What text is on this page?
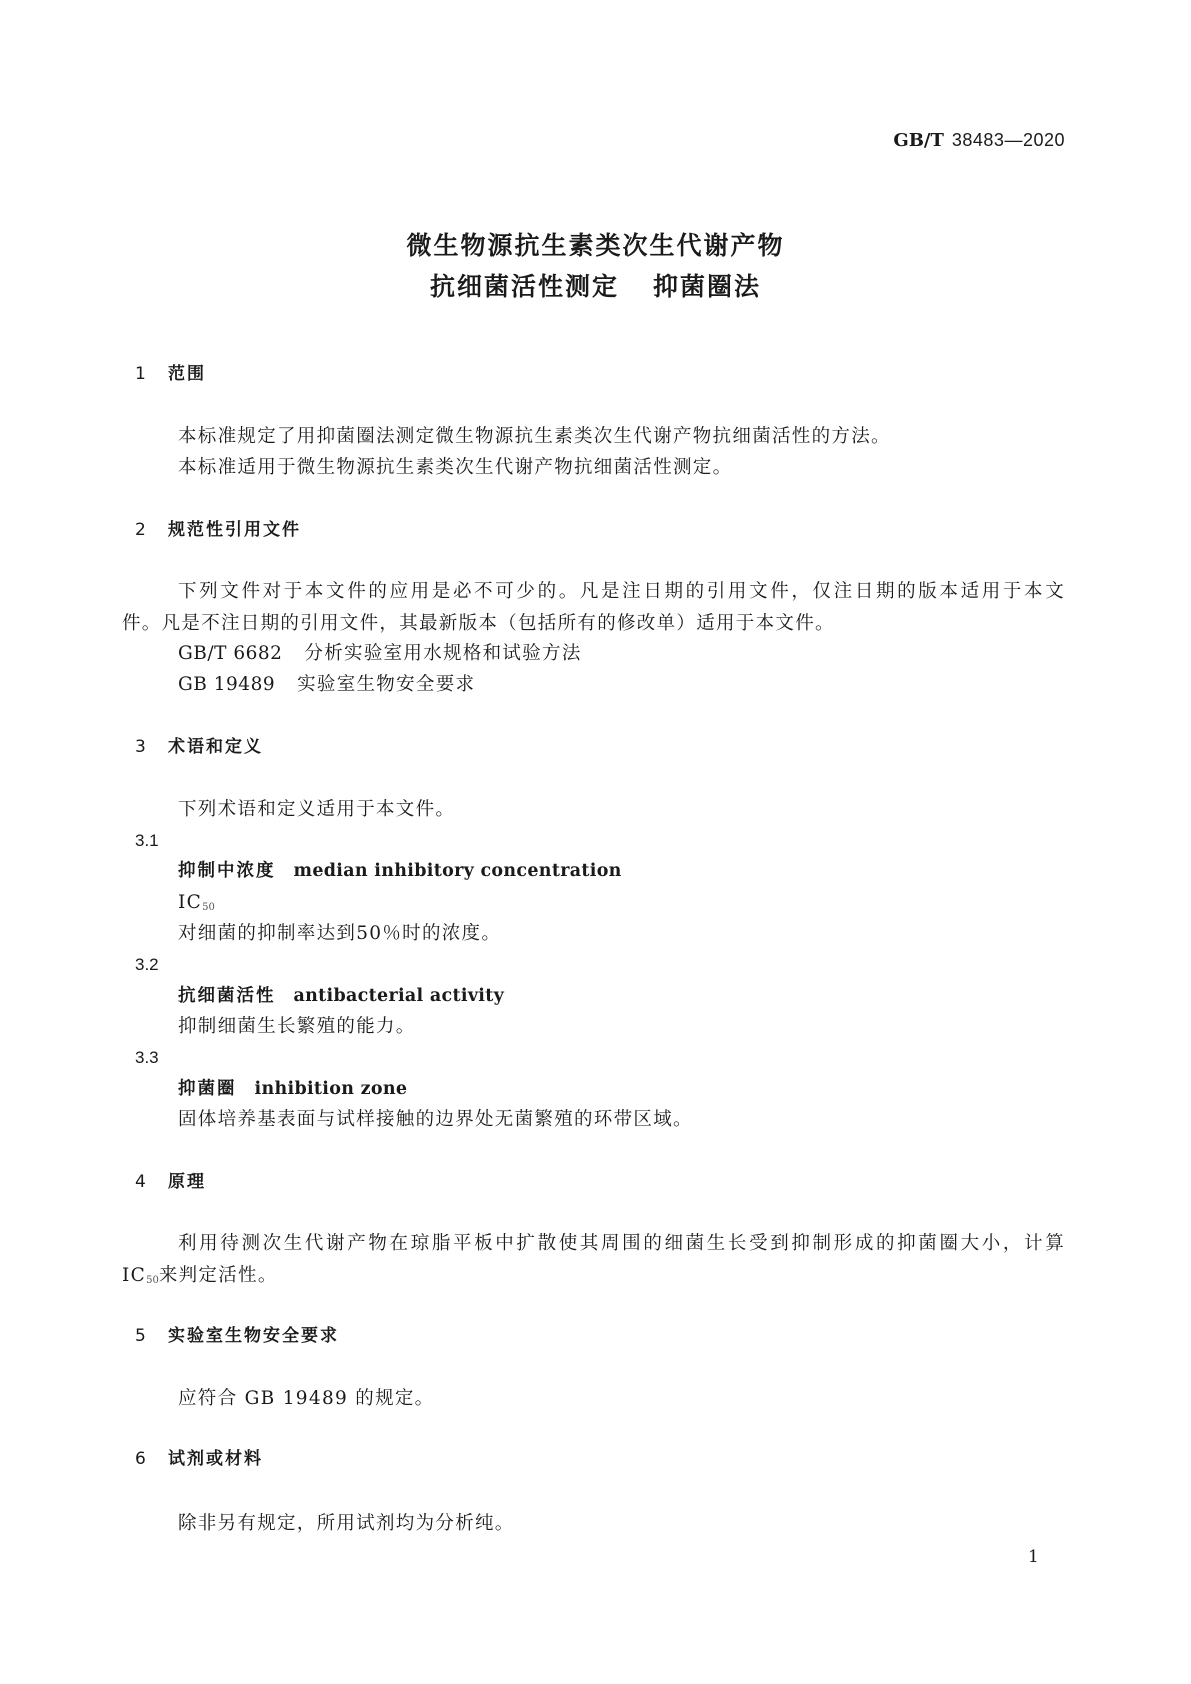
GB/T 38483—2020
微生物源抗生素类次生代谢产物
抗细菌活性测定 抑菌圈法
1 范围
本标准规定了用抑菌圈法测定微生物源抗生素类次生代谢产物抗细菌活性的方法。
本标准适用于微生物源抗生素类次生代谢产物抗细菌活性测定。
2 规范性引用文件
下列文件对于本文件的应用是必不可少的。凡是注日期的引用文件，仅注日期的版本适用于本文
件。凡是不注日期的引用文件，其最新版本（包括所有的修改单）适用于本文件。
GB/T 6682 分析实验室用水规格和试验方法
GB 19489 实验室生物安全要求
3 术语和定义
下列术语和定义适用于本文件。
3.1
抑制中浓度 median inhibitory concentration
$IC_{50}$
对细菌的抑制率达到50％时的浓度。
3.2
抗细菌活性 antibacterial activity
抑制细菌生长繁殖的能力。
3.3
抑菌圈 inhibition zone
固体培养基表面与试样接触的边界处无菌繁殖的环带区域。
4 原理
利用待测次生代谢产物在琼脂平板中扩散使其周围的细菌生长受到抑制形成的抑菌圈大小，计算
$IC_{50}$来判定活性。
5 实验室生物安全要求
应符合 GB 19489 的规定。
6 试剂或材料
除非另有规定，所用试剂均为分析纯。
1
